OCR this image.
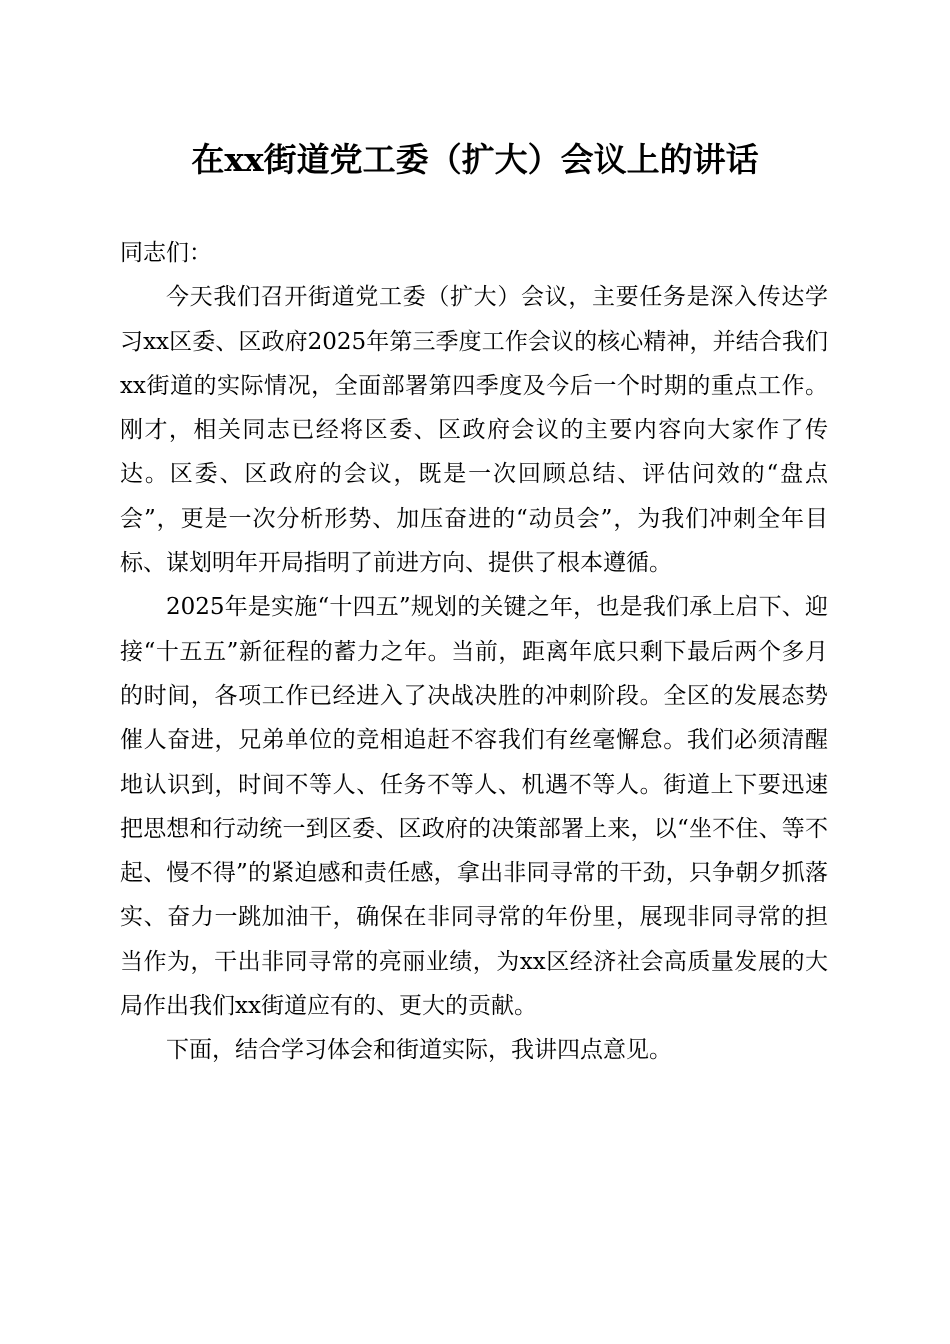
在xx街道党工委（扩大）会议上的讲话

同志们：

今天我们召开街道党工委（扩大）会议，主要任务是深入传达学习xx区委、区政府2025年第三季度工作会议的核心精神，并结合我们xx街道的实际情况，全面部署第四季度及今后一个时期的重点工作。刚才，相关同志已经将区委、区政府会议的主要内容向大家作了传达。区委、区政府的会议，既是一次回顾总结、评估问效的“盘点会”，更是一次分析形势、加压奋进的“动员会”，为我们冲刺全年目标、谋划明年开局指明了前进方向、提供了根本遵循。

2025年是实施“十四五”规划的关键之年，也是我们承上启下、迎接“十五五”新征程的蓄力之年。当前，距离年底只剩下最后两个多月的时间，各项工作已经进入了决战决胜的冲刺阶段。全区的发展态势催人奋进，兄弟单位的竞相追赶不容我们有丝毫懈怠。我们必须清醒地认识到，时间不等人、任务不等人、机遇不等人。街道上下要迅速把思想和行动统一到区委、区政府的决策部署上来，以“坐不住、等不起、慢不得”的紧迫感和责任感，拿出非同寻常的干劲，只争朝夕抓落实、奋力一跳加油干，确保在非同寻常的年份里，展现非同寻常的担当作为，干出非同寻常的亮丽业绩，为xx区经济社会高质量发展的大局作出我们xx街道应有的、更大的贡献。

下面，结合学习体会和街道实际，我讲四点意见。
